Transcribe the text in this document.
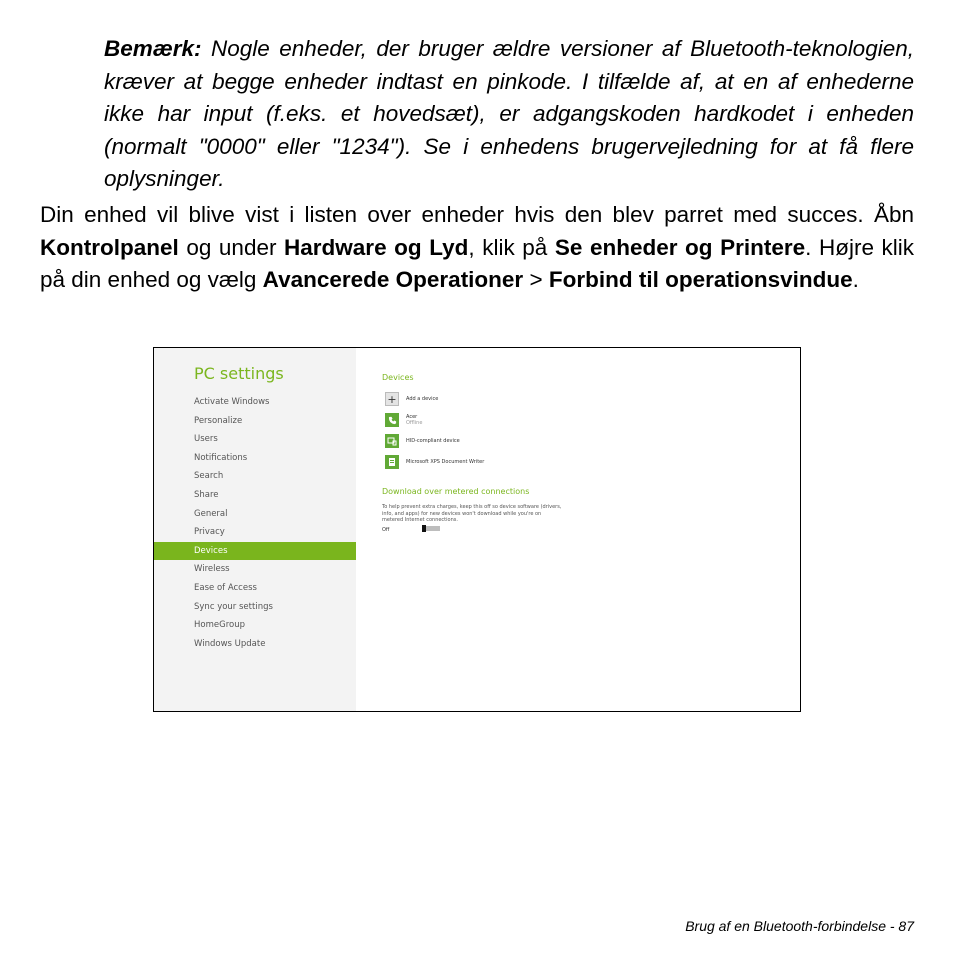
Bemærk: Nogle enheder, der bruger ældre versioner af Bluetooth-teknologien, kræver at begge enheder indtast en pinkode. I tilfælde af, at en af enhederne ikke har input (f.eks. et hovedsæt), er adgangskoden hardkodet i enheden (normalt "0000" eller "1234"). Se i enhedens brugervejledning for at få flere oplysninger.

Din enhed vil blive vist i listen over enheder hvis den blev parret med succes. Åbn Kontrolpanel og under Hardware og Lyd, klik på Se enheder og Printere. Højre klik på din enhed og vælg Avancerede Operationer > Forbind til operationsvindue.

PC settings
Activate Windows
Personalize
Users
Notifications
Search
Share
General
Privacy
Devices
Wireless
Ease of Access
Sync your settings
HomeGroup
Windows Update
Devices
+	Add a device
Acer
Offline
HID-compliant device
Microsoft XPS Document Writer
Download over metered connections
To help prevent extra charges, keep this off so device software (drivers, info, and apps) for new devices won't download while you're on metered Internet connections.
Off
Brug af en Bluetooth-forbindelse - 87
